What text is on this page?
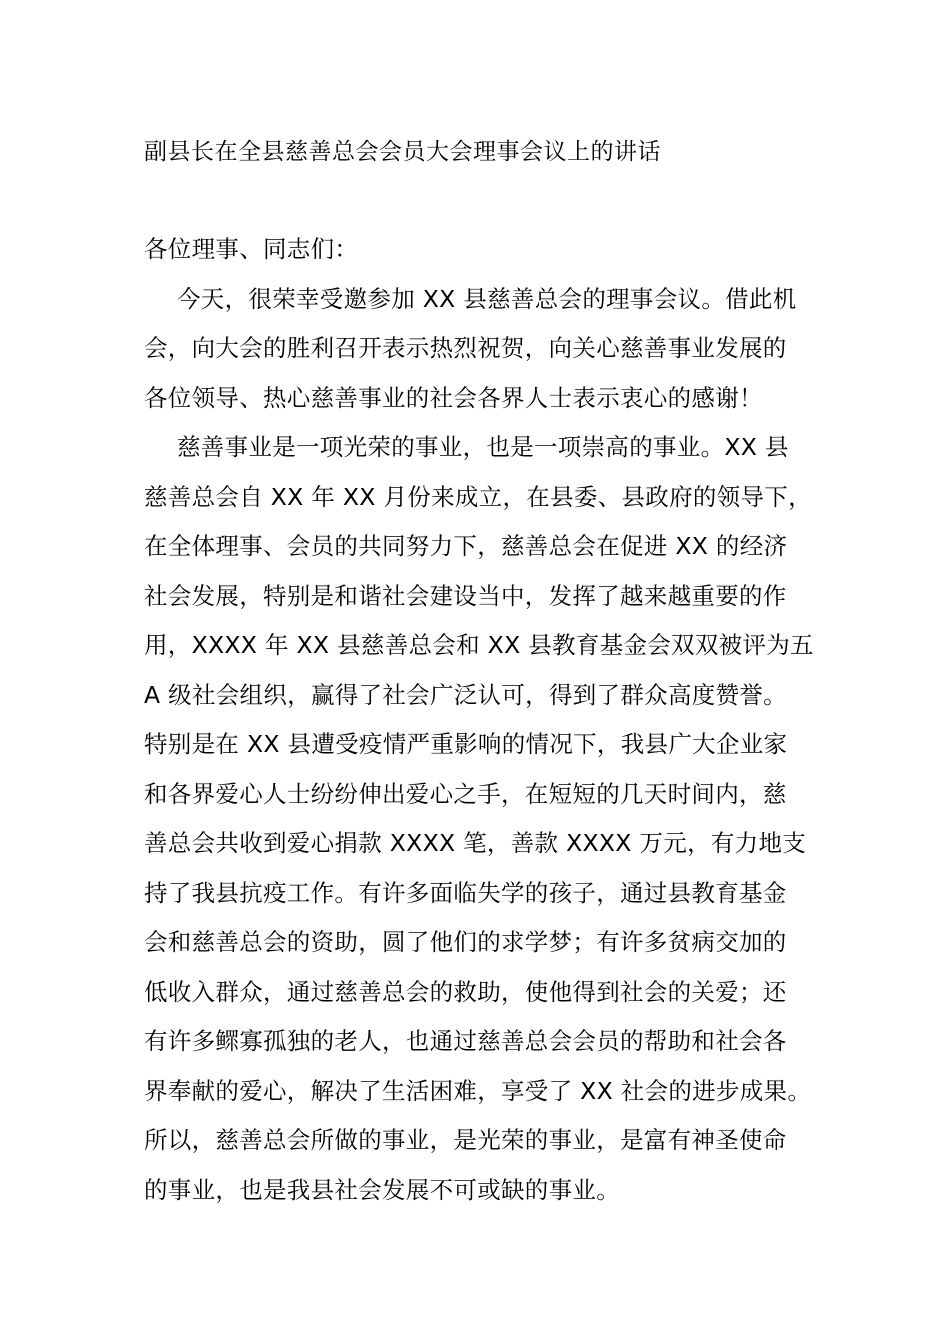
副县长在全县慈善总会会员大会理事会议上的讲话
各位理事、同志们：
今天，很荣幸受邀参加 XX 县慈善总会的理事会议。借此机
会，向大会的胜利召开表示热烈祝贺，向关心慈善事业发展的
各位领导、热心慈善事业的社会各界人士表示衷心的感谢！
慈善事业是一项光荣的事业，也是一项崇高的事业。XX 县
慈善总会自 XX 年 XX 月份来成立，在县委、县政府的领导下，
在全体理事、会员的共同努力下，慈善总会在促进 XX 的经济
社会发展，特别是和谐社会建设当中，发挥了越来越重要的作
用，XXXX 年 XX 县慈善总会和 XX 县教育基金会双双被评为五
A 级社会组织，赢得了社会广泛认可，得到了群众高度赞誉。
特别是在 XX 县遭受疫情严重影响的情况下，我县广大企业家
和各界爱心人士纷纷伸出爱心之手，在短短的几天时间内，慈
善总会共收到爱心捐款 XXXX 笔，善款 XXXX 万元，有力地支
持了我县抗疫工作。有许多面临失学的孩子，通过县教育基金
会和慈善总会的资助，圆了他们的求学梦；有许多贫病交加的
低收入群众，通过慈善总会的救助，使他得到社会的关爱；还
有许多鳏寡孤独的老人，也通过慈善总会会员的帮助和社会各
界奉献的爱心，解决了生活困难，享受了 XX 社会的进步成果。
所以，慈善总会所做的事业，是光荣的事业，是富有神圣使命
的事业，也是我县社会发展不可或缺的事业。
